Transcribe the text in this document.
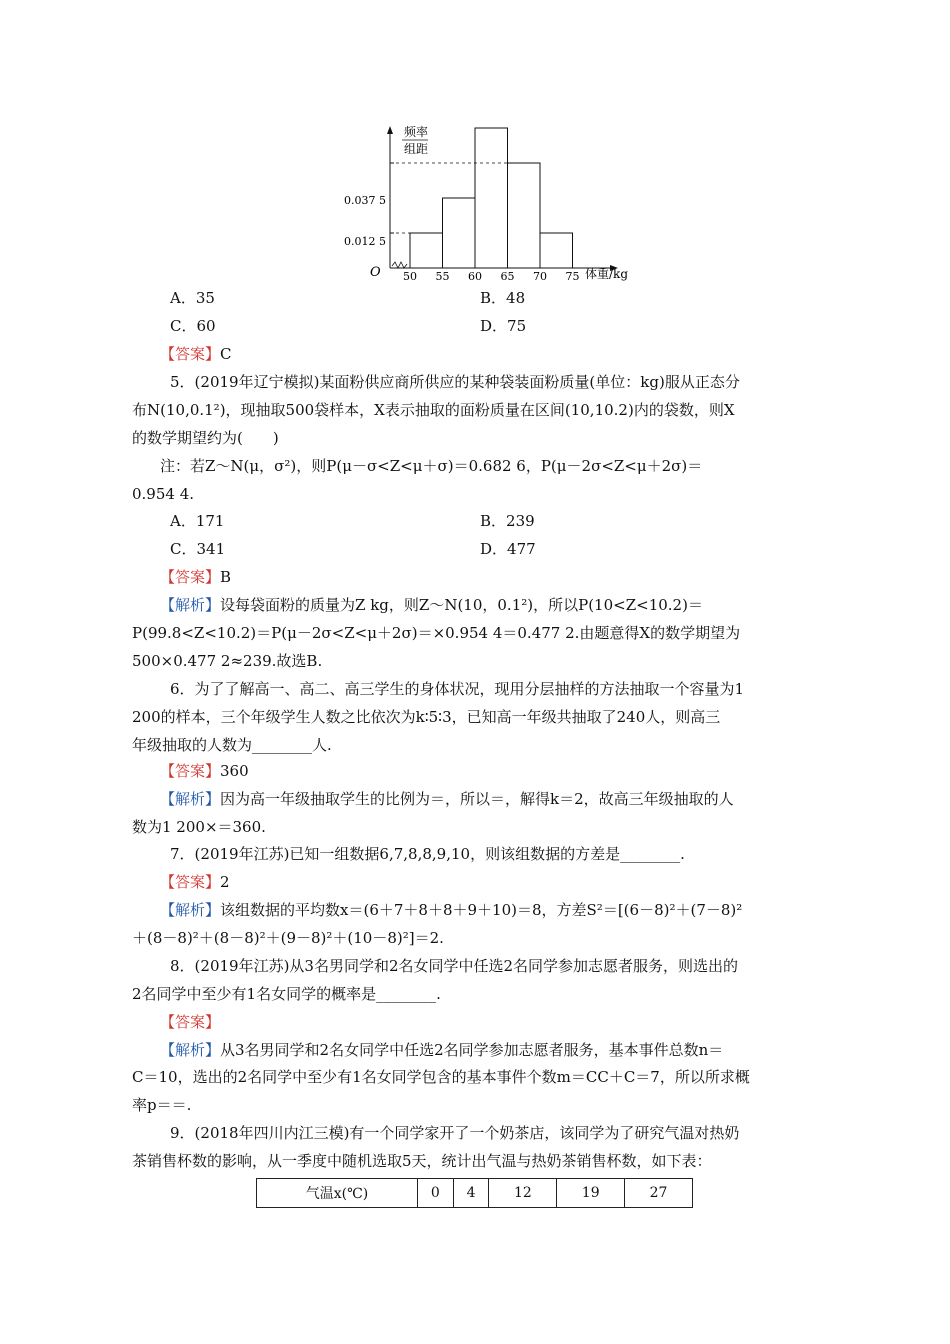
频率
组距
0.037 5
0.012 5
O	体重/kg
50 55 60 65 70 75
A．35	B．48
C．60	D．75
【答案】C
5．(2019年辽宁模拟)某面粉供应商所供应的某种袋装面粉质量(单位：kg)服从正态分
布N(10,0.1²)，现抽取500袋样本，X表示抽取的面粉质量在区间(10,10.2)内的袋数，则X
的数学期望约为(　　)
注：若Z～N(μ，σ²)，则P(μ－σ<Z<μ＋σ)＝0.682 6，P(μ－2σ<Z<μ＋2σ)＝
0.954 4.
A．171	B．239
C．341	D．477
【答案】B
【解析】设每袋面粉的质量为Z kg，则Z～N(10，0.1²)，所以P(10<Z<10.2)＝
P(99.8<Z<10.2)＝P(μ－2σ<Z<μ＋2σ)＝×0.954 4＝0.477 2.由题意得X的数学期望为
500×0.477 2≈239.故选B.
6．为了了解高一、高二、高三学生的身体状况，现用分层抽样的方法抽取一个容量为1
200的样本，三个年级学生人数之比依次为k∶5∶3，已知高一年级共抽取了240人，则高三
年级抽取的人数为________人.
【答案】360
【解析】因为高一年级抽取学生的比例为＝，所以＝，解得k＝2，故高三年级抽取的人
数为1 200×＝360.
7．(2019年江苏)已知一组数据6,7,8,8,9,10，则该组数据的方差是________.
【答案】2
【解析】该组数据的平均数x＝(6＋7＋8＋8＋9＋10)＝8，方差S²＝[(6－8)²＋(7－8)²
＋(8－8)²＋(8－8)²＋(9－8)²＋(10－8)²]＝2.
8．(2019年江苏)从3名男同学和2名女同学中任选2名同学参加志愿者服务，则选出的
2名同学中至少有1名女同学的概率是________.
【答案】
【解析】从3名男同学和2名女同学中任选2名同学参加志愿者服务，基本事件总数n＝
C＝10，选出的2名同学中至少有1名女同学包含的基本事件个数m＝CC＋C＝7，所以所求概
率p＝＝.
9．(2018年四川内江三模)有一个同学家开了一个奶茶店，该同学为了研究气温对热奶
茶销售杯数的影响，从一季度中随机选取5天，统计出气温与热奶茶销售杯数，如下表：
气温x(℃)	0	4	12	19	27
